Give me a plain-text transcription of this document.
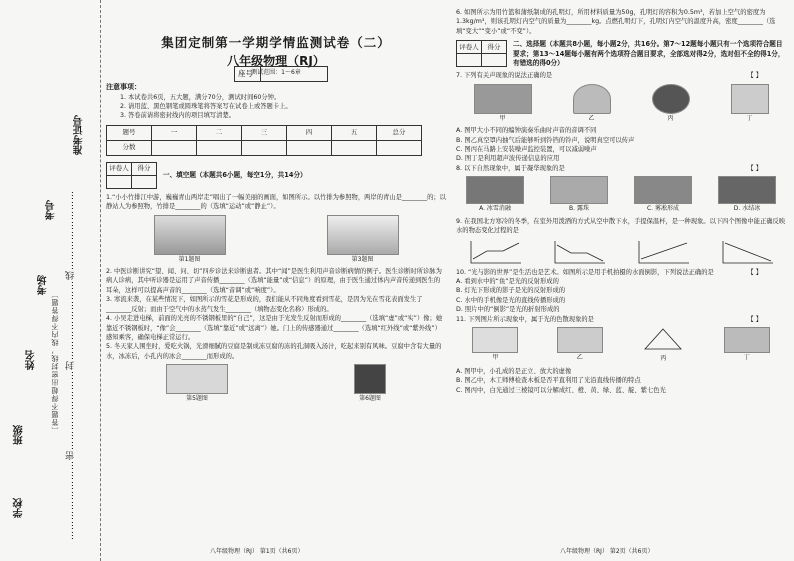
……………………密……………………封……………………线……………………
〔答题不得超出密封线，线内不得答题〕
学校
班级
姓名
考场
考号
准考证号
集团定制第一学期学情监测试卷（二）
八年级物理（RJ）
测试范围：1～6章

注意事项：

1. 本试卷共6页，五大题，满分70分，测试时间60分钟。

2. 请用蓝、黑色钢笔或圆珠笔将答案写在试卷上或答题卡上。

3. 答卷前请将密封线内的项目填写清楚。

题号	一	二	三	四	五	总分
分数						
评卷人	得分

一、填空题（本题共6小题，每空1分，共14分）

1.“小小竹排江中游，巍巍青山两岸走”唱出了一幅美丽的画面，如图所示。以竹排为参照物，两岸的青山是________的；以静站人为参照物，竹排是________的（选填“运动”或“静止”）。

第1题图	第3题图

2. 中医诊断讲究“望、闻、问、切”四步诊法来诊断患者。其中“闻”是医生利用声音诊断病情的例子。医生诊断时所诊脉为病人诊病，其中听诊器是运用了声音传播________（选填“能量”或“信息”）的原理，由于医生通过体内声音传递到医生的耳朵，这样可以提高声音的________（选填“音调”或“响度”）。

3. 寒流来袭，在某些情况下，如图所示的雪花是形成的，我们能从不同角度看到雪花，是因为光在雪花表面发生了________反射；而由于空气中的水蒸气发生________（填物态变化名称）形成的。

4. 小吴走进电梯，前面的光亮的不锈钢板里的“自己”，这是由于光发生反射而形成的________（选填“虚”或“实”）像；她靠近不锈钢板时，“像”会________（选填“靠近”或“远离”）她。门上的传感器通过________（选填“红外线”或“紫外线”）感知乘客，确保电梯正常运行。

5. 冬天家人围坐时，爱吃火锅，光滑细腻的豆腐是制成冻豆腐的冻的孔洞吸入汤汁，吃起来别有风味。豆腐中含有大量的水，冰冻后，小孔内的冰会________而形成的。

第5题图	第6题图
座号

6. 如图所示为用竹篮和蒲纸制成的孔明灯，所用材料质量为50g，孔明灯的容积为0.5m³，若加上空气的密度为1.3kg/m³，则该孔明灯内空气的质量为________kg。点燃孔明灯下，孔明灯内空气的温度升高，密度________（选填“变大”“变小”或“不变”）。

评卷人	得分
	二、选择题（本题共8小题，每小题2分，共16分。第7～12题每小题只有一个选项符合题目要求；第13～14题每小题有两个选项符合题目要求，全部选对得2分，选对但不全的得1分，有错选的得0分）

7. 下列有关声现象的说法正确的是	【 】

甲	乙	丙	丁

A. 图甲大小不同的编钟演奏乐曲时声音的音调不同

B. 图乙真空罩内抽气后能够听到铃铛的铃声，说明真空可以传声

C. 图丙在马路上安装噪声监控装置，可以减弱噪声

D. 图丁是利用超声波传递信息的应用

8. 以下自然现象中，属于凝华现象的是	【 】

A. 冰雪消融	B. 露珠	C. 雾凇形成	D. 水结冰

9. 在我国北方寒冷的冬季，在室外用泼洒的方式从空中散下水，手提保温杯，是一种现象。以下四个图像中能正确反映水的物态变化过程的是

10. “光与影的世界”是生活也是艺术。如图所示是用手机拍摄的水面倒影，下列说法正确的是	【 】

A. 看到水中的“鱼”是光的反射形成的

B. 灯光下形成的影子是光的反射形成的

C. 水中的手机像是光的直线传播形成的

D. 照片中的“倒影”是光的折射形成的

11. 下列图片所示现象中，属于光的色散现象的是	【 】

甲	乙	丙	丁

A. 图甲中，小孔成的是正立、放大的虚像

B. 图乙中，木工师傅检查木板是否平直利用了光沿直线传播的特点

C. 图丙中，白光通过三棱镜可以分解成红、橙、黄、绿、蓝、靛、紫七色光

八年级物理（RJ） 第1页（共6页）	八年级物理（RJ） 第2页（共6页）
